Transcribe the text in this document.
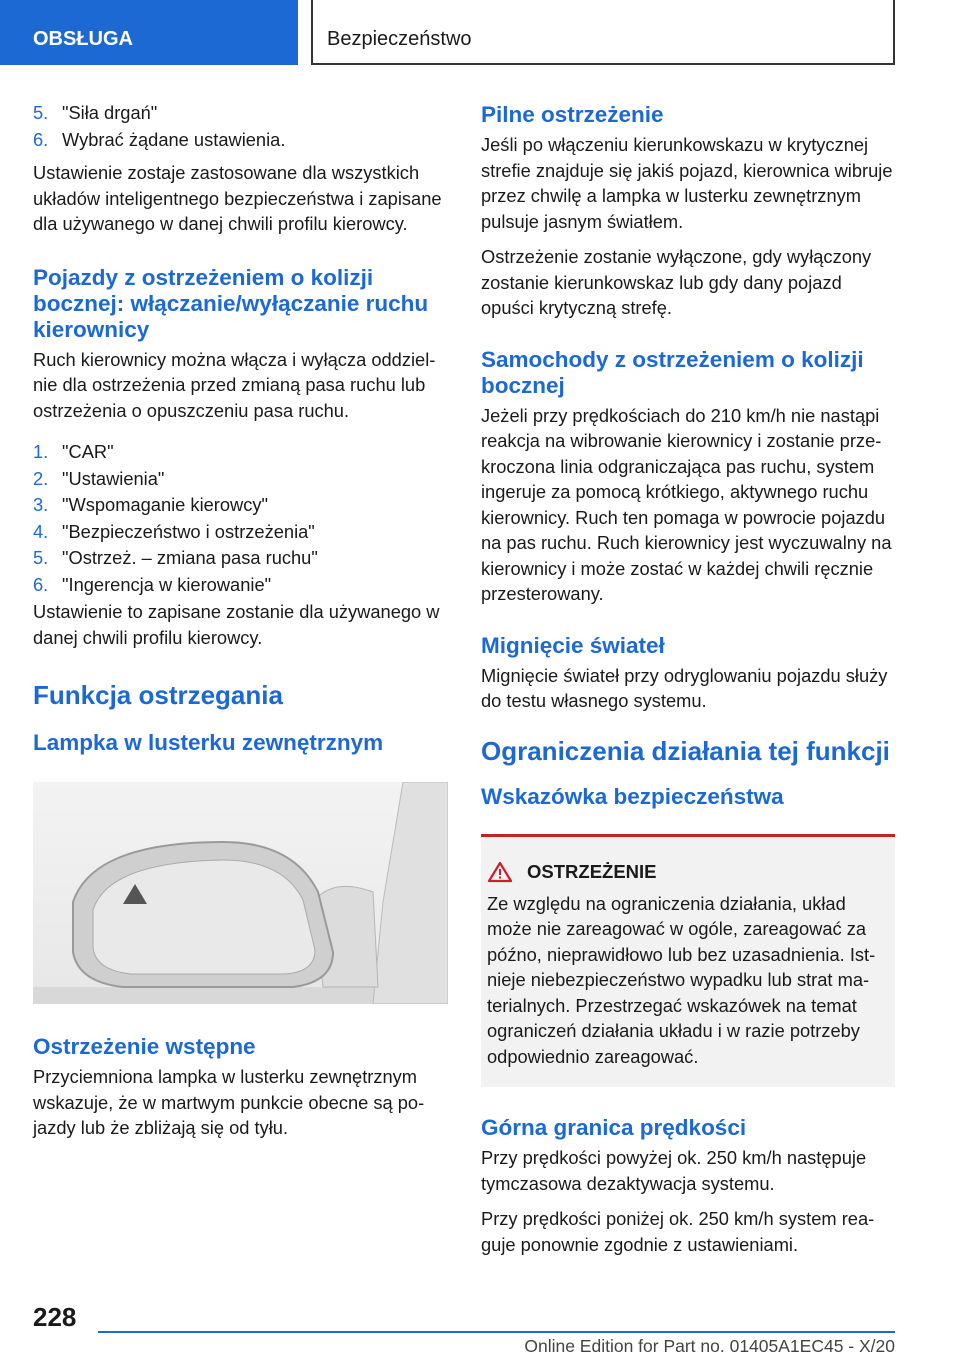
OBSŁUGA	Bezpieczeństwo
5. "Siła drgań"
6. Wybrać żądane ustawienia.

Ustawienie zostaje zastosowane dla wszystkich układów inteligentnego bezpieczeństwa i zapisane dla używanego w danej chwili profilu kierowcy.

Pojazdy z ostrzeżeniem o kolizji bocznej: włączanie/wyłączanie ruchu kierownicy

Ruch kierownicy można włącza i wyłącza oddzielnie dla ostrzeżenia przed zmianą pasa ruchu lub ostrzeżenia o opuszczeniu pasa ruchu.

1. "CAR"
2. "Ustawienia"
3. "Wspomaganie kierowcy"
4. "Bezpieczeństwo i ostrzeżenia"
5. "Ostrzeż. – zmiana pasa ruchu"
6. "Ingerencja w kierowanie"

Ustawienie to zapisane zostanie dla używanego w danej chwili profilu kierowcy.

Funkcja ostrzegania
Lampka w lusterku zewnętrznym
Ostrzeżenie wstępne

Przyciemniona lampka w lusterku zewnętrznym wskazuje, że w martwym punkcie obecne są pojazdy lub że zbliżają się od tyłu.

Pilne ostrzeżenie

Jeśli po włączeniu kierunkowskazu w krytycznej strefie znajduje się jakiś pojazd, kierownica wibruje przez chwilę a lampka w lusterku zewnętrznym pulsuje jasnym światłem.

Ostrzeżenie zostanie wyłączone, gdy wyłączony zostanie kierunkowskaz lub gdy dany pojazd opuści krytyczną strefę.

Samochody z ostrzeżeniem o kolizji bocznej

Jeżeli przy prędkościach do 210 km/h nie nastąpi reakcja na wibrowanie kierownicy i zostanie przekroczona linia odgraniczająca pas ruchu, system ingeruje za pomocą krótkiego, aktywnego ruchu kierownicy. Ruch ten pomaga w powrocie pojazdu na pas ruchu. Ruch kierownicy jest wyczuwalny na kierownicy i może zostać w każdej chwili ręcznie przesterowany.

Mignięcie świateł

Mignięcie świateł przy odryglowaniu pojazdu służy do testu własnego systemu.

Ograniczenia działania tej funkcji
Wskazówka bezpieczeństwa
OSTRZEŻENIE

Ze względu na ograniczenia działania, układ może nie zareagować w ogóle, zareagować za późno, nieprawidłowo lub bez uzasadnienia. Istnieje niebezpieczeństwo wypadku lub strat materialnych. Przestrzegać wskazówek na temat ograniczeń działania układu i w razie potrzeby odpowiednio zareagować.

Górna granica prędkości

Przy prędkości powyżej ok. 250 km/h następuje tymczasowa dezaktywacja systemu.

Przy prędkości poniżej ok. 250 km/h system reaguje ponownie zgodnie z ustawieniami.

228
Online Edition for Part no. 01405A1EC45 - X/20
